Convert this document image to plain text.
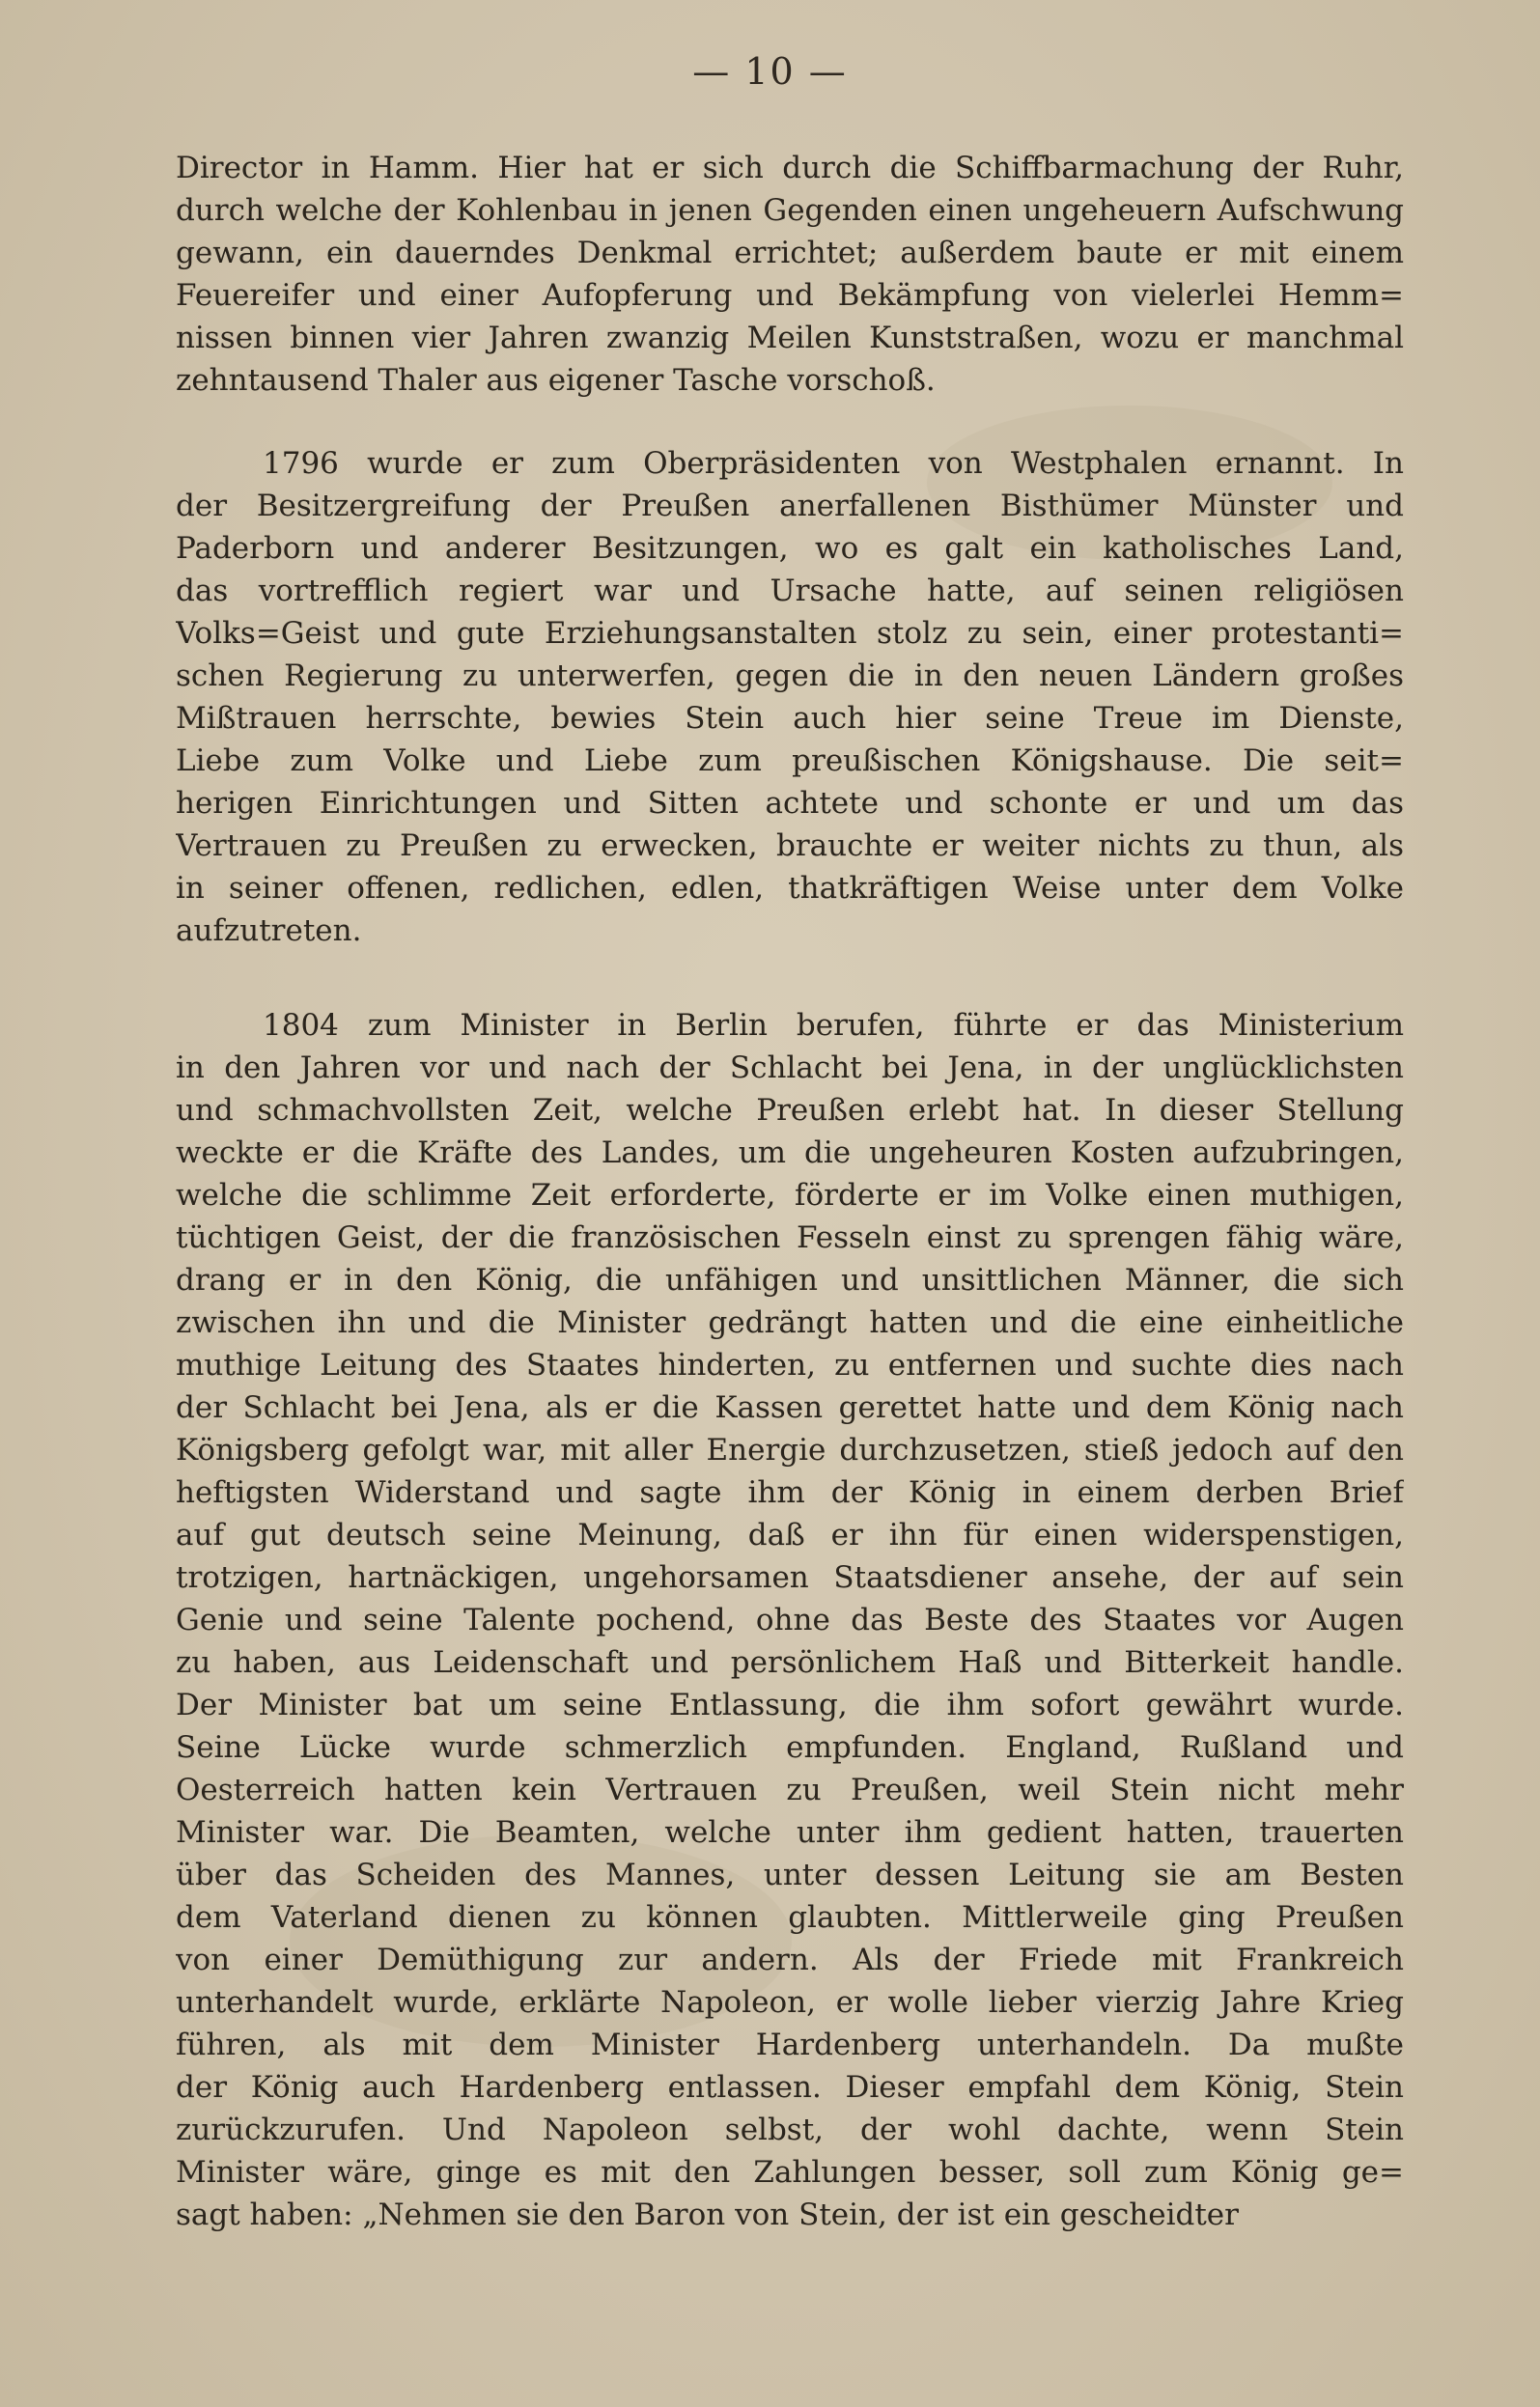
— 10 —
Director in Hamm. Hier hat er sich durch die Schiffbarmachung der Ruhr,
durch welche der Kohlenbau in jenen Gegenden einen ungeheuern Aufschwung
gewann, ein dauerndes Denkmal errichtet; außerdem baute er mit einem
Feuereifer und einer Aufopferung und Bekämpfung von vielerlei Hemm=
nissen binnen vier Jahren zwanzig Meilen Kunststraßen, wozu er manchmal
zehntausend Thaler aus eigener Tasche vorschoß.
1796 wurde er zum Oberpräsidenten von Westphalen ernannt. In
der Besitzergreifung der Preußen anerfallenen Bisthümer Münster und
Paderborn und anderer Besitzungen, wo es galt ein katholisches Land,
das vortrefflich regiert war und Ursache hatte, auf seinen religiösen
Volks=Geist und gute Erziehungsanstalten stolz zu sein, einer protestanti=
schen Regierung zu unterwerfen, gegen die in den neuen Ländern großes
Mißtrauen herrschte, bewies Stein auch hier seine Treue im Dienste,
Liebe zum Volke und Liebe zum preußischen Königshause. Die seit=
herigen Einrichtungen und Sitten achtete und schonte er und um das
Vertrauen zu Preußen zu erwecken, brauchte er weiter nichts zu thun, als
in seiner offenen, redlichen, edlen, thatkräftigen Weise unter dem Volke
aufzutreten.
1804 zum Minister in Berlin berufen, führte er das Ministerium
in den Jahren vor und nach der Schlacht bei Jena, in der unglücklichsten
und schmachvollsten Zeit, welche Preußen erlebt hat. In dieser Stellung
weckte er die Kräfte des Landes, um die ungeheuren Kosten aufzubringen,
welche die schlimme Zeit erforderte, förderte er im Volke einen muthigen,
tüchtigen Geist, der die französischen Fesseln einst zu sprengen fähig wäre,
drang er in den König, die unfähigen und unsittlichen Männer, die sich
zwischen ihn und die Minister gedrängt hatten und die eine einheitliche
muthige Leitung des Staates hinderten, zu entfernen und suchte dies nach
der Schlacht bei Jena, als er die Kassen gerettet hatte und dem König nach
Königsberg gefolgt war, mit aller Energie durchzusetzen, stieß jedoch auf den
heftigsten Widerstand und sagte ihm der König in einem derben Brief
auf gut deutsch seine Meinung, daß er ihn für einen widerspenstigen,
trotzigen, hartnäckigen, ungehorsamen Staatsdiener ansehe, der auf sein
Genie und seine Talente pochend, ohne das Beste des Staates vor Augen
zu haben, aus Leidenschaft und persönlichem Haß und Bitterkeit handle.
Der Minister bat um seine Entlassung, die ihm sofort gewährt wurde.
Seine Lücke wurde schmerzlich empfunden. England, Rußland und
Oesterreich hatten kein Vertrauen zu Preußen, weil Stein nicht mehr
Minister war. Die Beamten, welche unter ihm gedient hatten, trauerten
über das Scheiden des Mannes, unter dessen Leitung sie am Besten
dem Vaterland dienen zu können glaubten. Mittlerweile ging Preußen
von einer Demüthigung zur andern. Als der Friede mit Frankreich
unterhandelt wurde, erklärte Napoleon, er wolle lieber vierzig Jahre Krieg
führen, als mit dem Minister Hardenberg unterhandeln. Da mußte
der König auch Hardenberg entlassen. Dieser empfahl dem König, Stein
zurückzurufen. Und Napoleon selbst, der wohl dachte, wenn Stein
Minister wäre, ginge es mit den Zahlungen besser, soll zum König ge=
sagt haben: „Nehmen sie den Baron von Stein, der ist ein gescheidter
